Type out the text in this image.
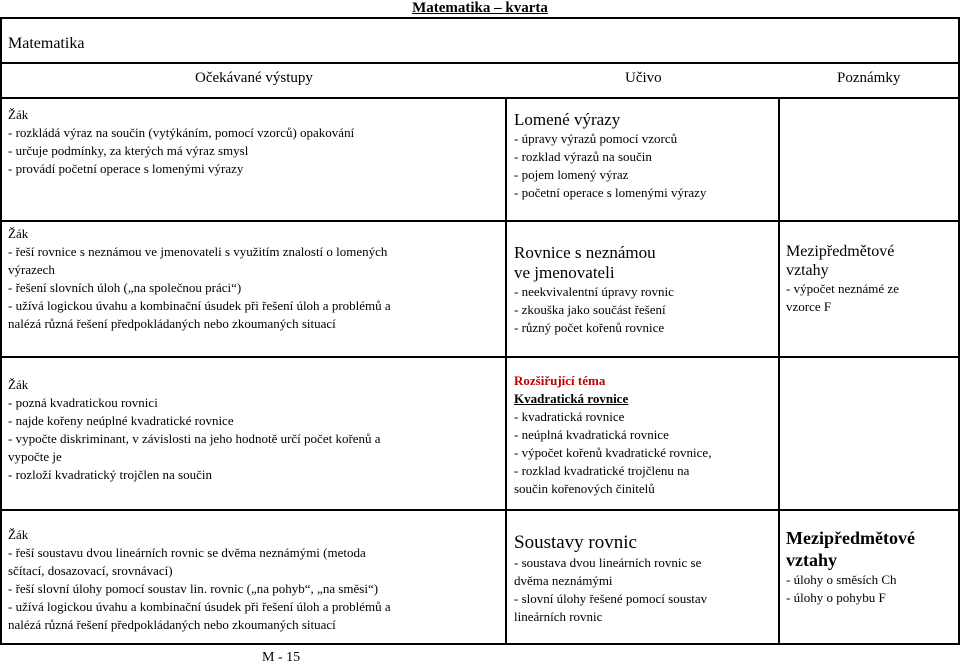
Matematika – kvarta
Matematika
Očekávané výstupy	Učivo	Poznámky
Žák
- rozkládá výraz na součin (vytýkáním, pomocí vzorců) opakování
- určuje podmínky, za kterých má výraz smysl
- provádí početní operace s lomenými výrazy
Lomené výrazy
- úpravy výrazů pomocí vzorců
- rozklad výrazů na součin
- pojem lomený výraz
- početní operace s lomenými výrazy
Žák
- řeší rovnice s neznámou ve jmenovateli s využitím znalostí o lomených
výrazech
- řešení slovních úloh („na společnou práci“)
- užívá logickou úvahu a kombinační úsudek při řešení úloh a problémů a
nalézá různá řešení předpokládaných nebo zkoumaných situací
Rovnice s neznámou
ve jmenovateli
- neekvivalentní úpravy rovnic
- zkouška jako součást řešení
- různý počet kořenů rovnice
Mezipředmětové
vztahy
- výpočet neznámé ze
vzorce F
Žák
- pozná kvadratickou rovnici
- najde kořeny neúplné kvadratické rovnice
- vypočte diskriminant, v závislosti na jeho hodnotě určí počet kořenů a
vypočte je
- rozloží kvadratický trojčlen na součin
Rozšiřující téma
Kvadratická rovnice
- kvadratická rovnice
- neúplná kvadratická rovnice
- výpočet kořenů kvadratické rovnice,
- rozklad kvadratické trojčlenu na
součin kořenových činitelů
Žák
- řeší soustavu dvou lineárních rovnic se dvěma neznámými (metoda
sčítací, dosazovací, srovnávací)
- řeší slovní úlohy pomocí soustav lin. rovnic („na pohyb“, „na směsi“)
- užívá logickou úvahu a kombinační úsudek při řešení úloh a problémů a
nalézá různá řešení předpokládaných nebo zkoumaných situací
Soustavy rovnic
- soustava dvou lineárních rovnic se
dvěma neznámými
- slovní úlohy řešené pomocí soustav
lineárních rovnic
Mezipředmětové
vztahy
- úlohy o směsích Ch
- úlohy o pohybu F
M - 15
